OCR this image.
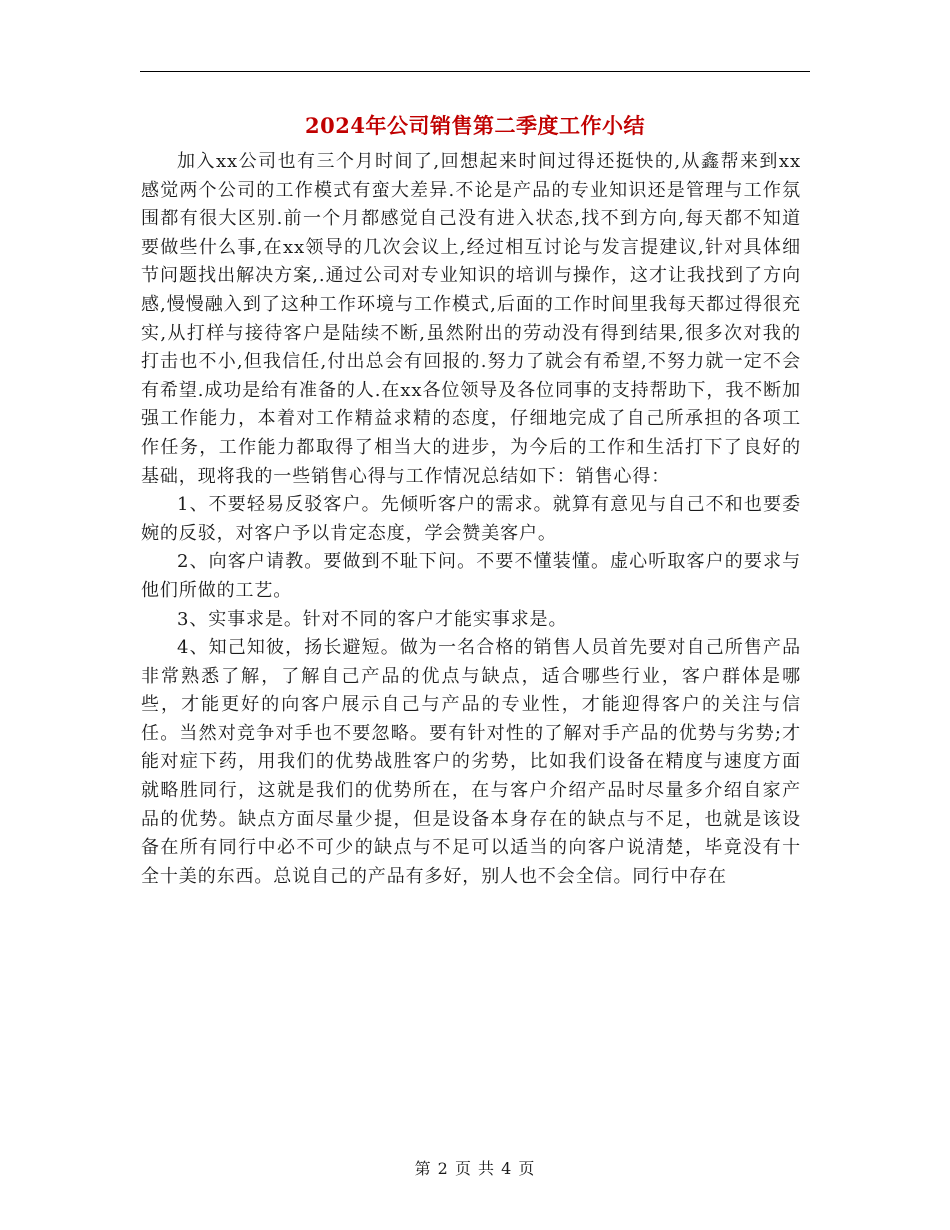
2024年公司销售第二季度工作小结

加入xx公司也有三个月时间了,回想起来时间过得还挺快的,从鑫帮来到xx感觉两个公司的工作模式有蛮大差异.不论是产品的专业知识还是管理与工作氛围都有很大区别.前一个月都感觉自己没有进入状态,找不到方向,每天都不知道要做些什么事,在xx领导的几次会议上,经过相互讨论与发言提建议,针对具体细节问题找出解决方案,.通过公司对专业知识的培训与操作，这才让我找到了方向感,慢慢融入到了这种工作环境与工作模式,后面的工作时间里我每天都过得很充实,从打样与接待客户是陆续不断,虽然附出的劳动没有得到结果,很多次对我的打击也不小,但我信任,付出总会有回报的.努力了就会有希望,不努力就一定不会有希望.成功是给有准备的人.在xx各位领导及各位同事的支持帮助下，我不断加强工作能力，本着对工作精益求精的态度，仔细地完成了自己所承担的各项工作任务，工作能力都取得了相当大的进步，为今后的工作和生活打下了良好的基础，现将我的一些销售心得与工作情况总结如下：销售心得：

1、不要轻易反驳客户。先倾听客户的需求。就算有意见与自己不和也要委婉的反驳，对客户予以肯定态度，学会赞美客户。

2、向客户请教。要做到不耻下问。不要不懂装懂。虚心听取客户的要求与他们所做的工艺。

3、实事求是。针对不同的客户才能实事求是。

4、知己知彼，扬长避短。做为一名合格的销售人员首先要对自己所售产品非常熟悉了解，了解自己产品的优点与缺点，适合哪些行业，客户群体是哪些，才能更好的向客户展示自己与产品的专业性，才能迎得客户的关注与信任。当然对竞争对手也不要忽略。要有针对性的了解对手产品的优势与劣势;才能对症下药，用我们的优势战胜客户的劣势，比如我们设备在精度与速度方面就略胜同行，这就是我们的优势所在，在与客户介绍产品时尽量多介绍自家产品的优势。缺点方面尽量少提，但是设备本身存在的缺点与不足，也就是该设备在所有同行中必不可少的缺点与不足可以适当的向客户说清楚，毕竟没有十全十美的东西。总说自己的产品有多好，别人也不会全信。同行中存在

第 2 页 共 4 页
